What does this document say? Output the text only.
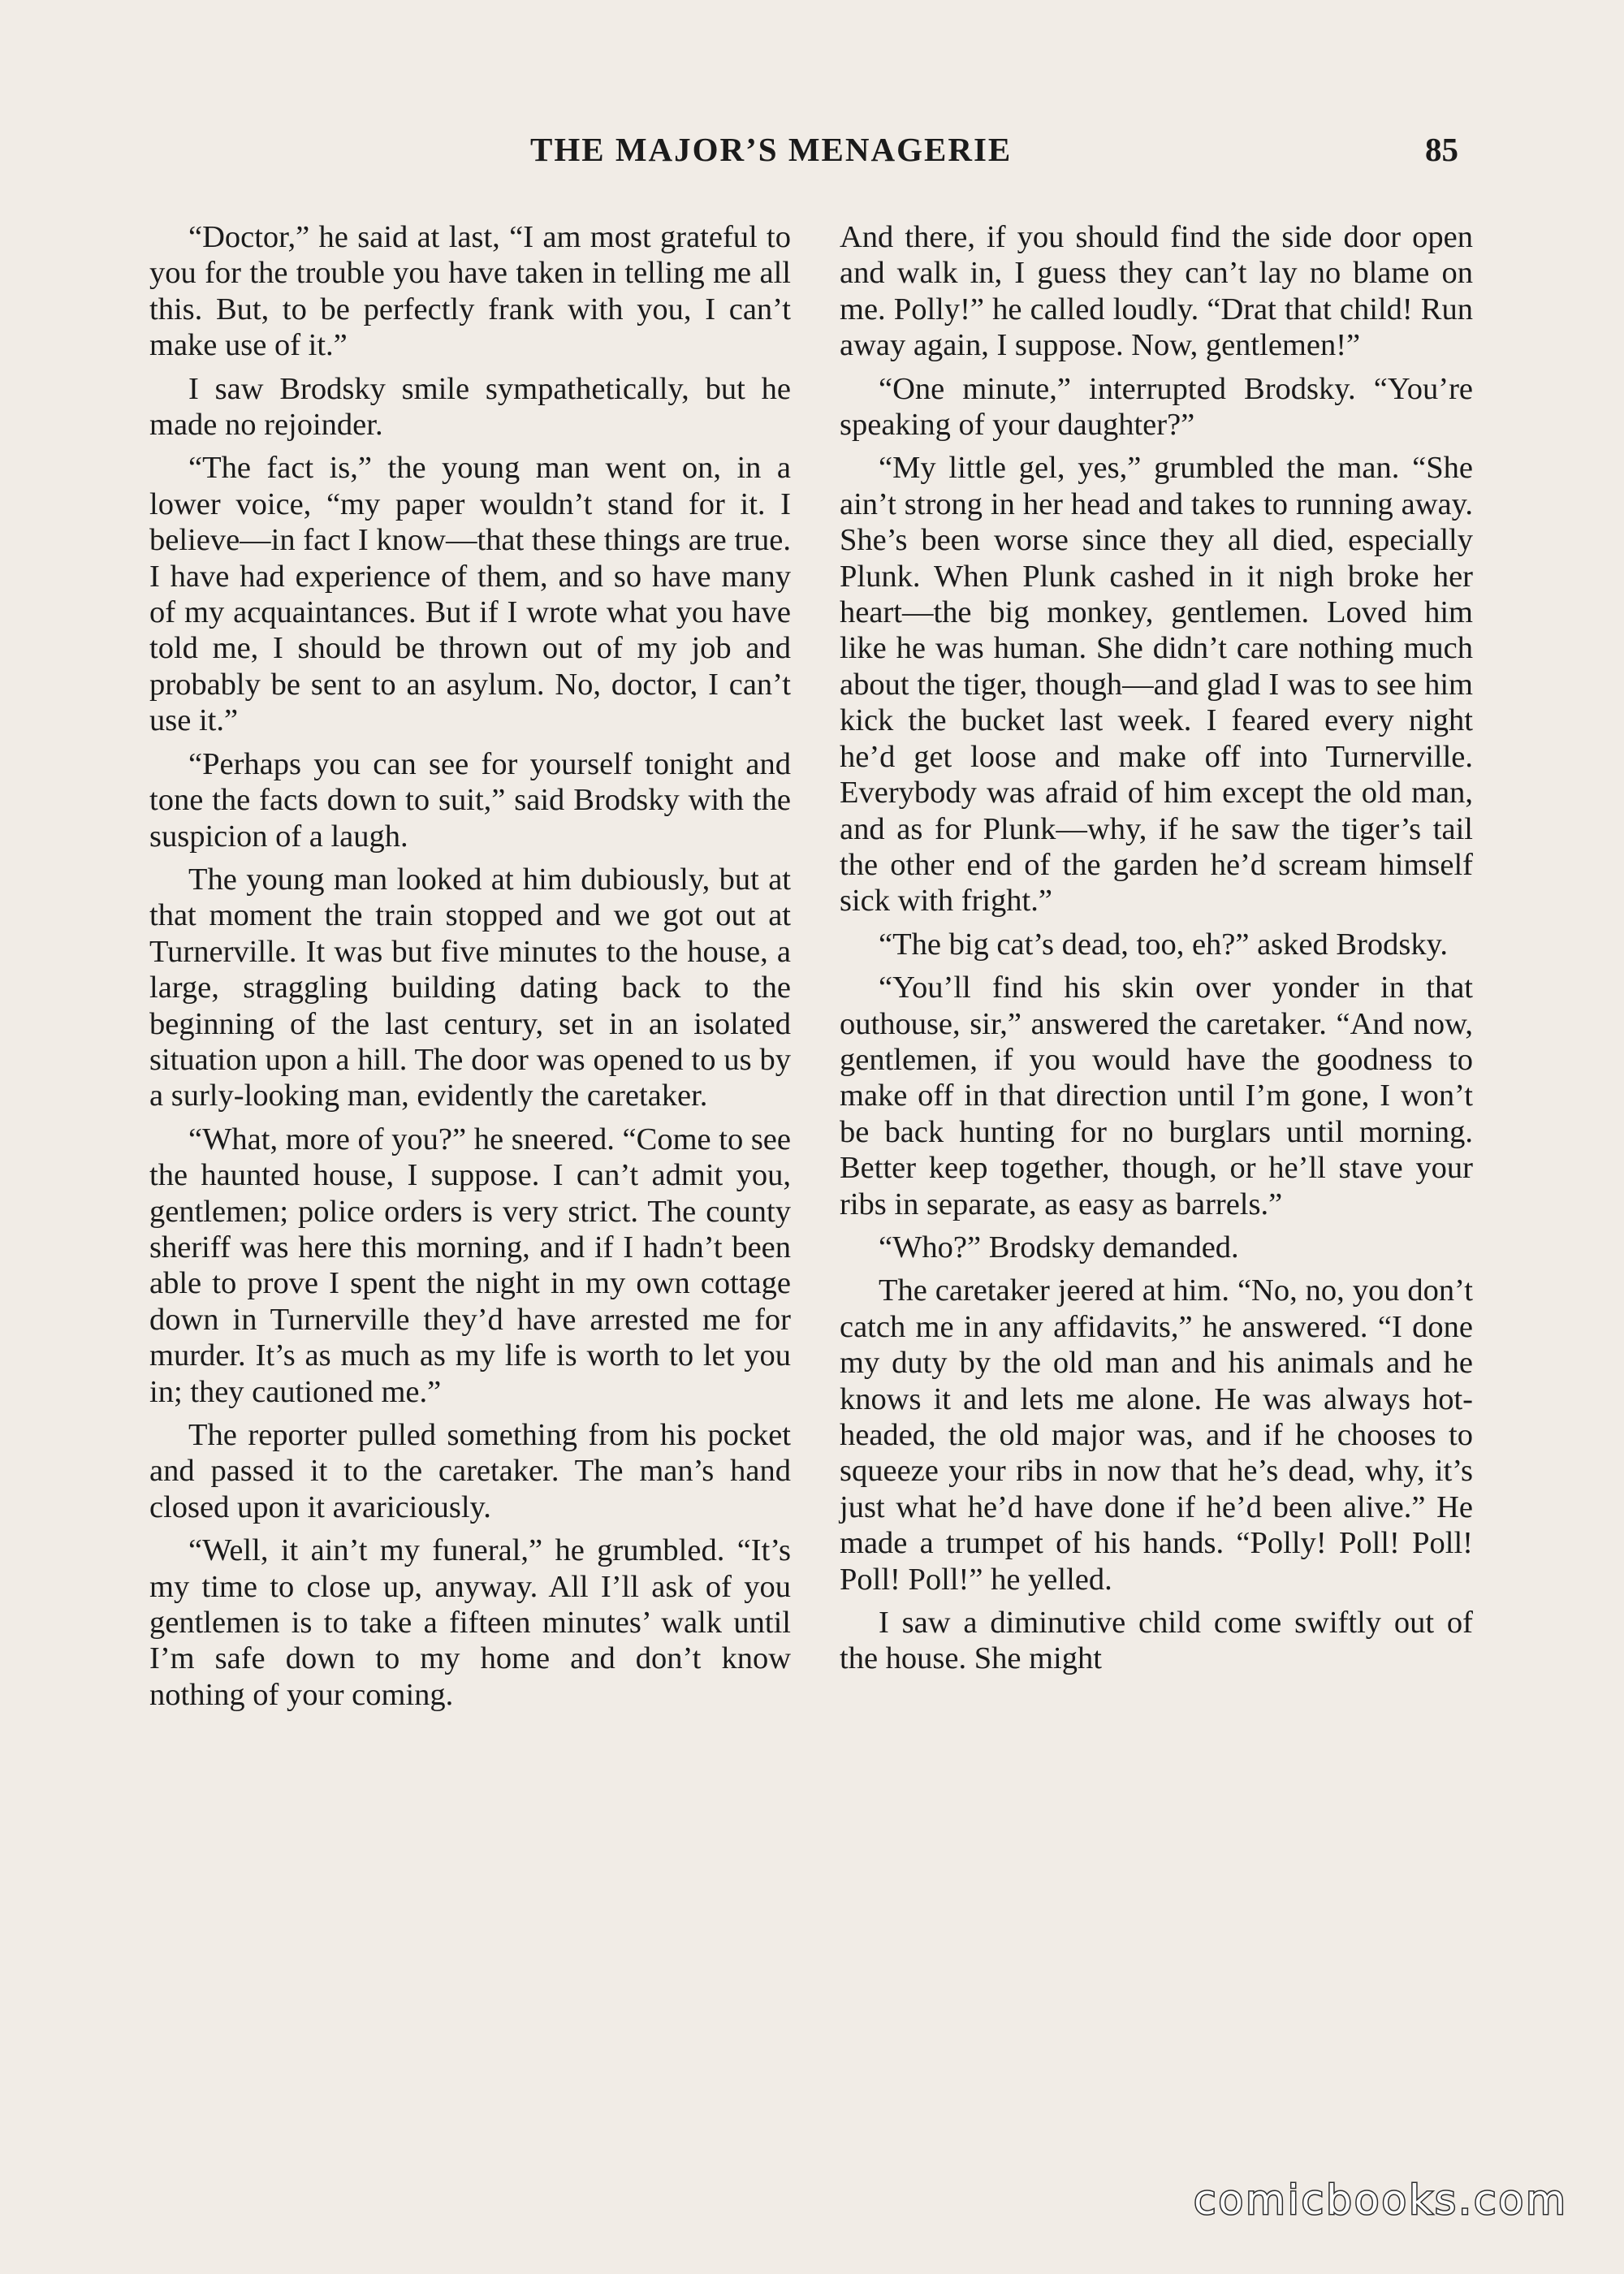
THE MAJOR’S MENAGERIE	85

“Doctor,” he said at last, “I am most grateful to you for the trouble you have taken in telling me all this. But, to be perfectly frank with you, I can’t make use of it.”

I saw Brodsky smile sympathetically, but he made no rejoinder.

“The fact is,” the young man went on, in a lower voice, “my paper wouldn’t stand for it. I believe—in fact I know—that these things are true. I have had experience of them, and so have many of my acquaintances. But if I wrote what you have told me, I should be thrown out of my job and probably be sent to an asylum. No, doctor, I can’t use it.”

“Perhaps you can see for yourself tonight and tone the facts down to suit,” said Brodsky with the suspicion of a laugh.

The young man looked at him dubiously, but at that moment the train stopped and we got out at Turnerville. It was but five minutes to the house, a large, straggling building dating back to the beginning of the last century, set in an isolated situation upon a hill. The door was opened to us by a surly-looking man, evidently the caretaker.

“What, more of you?” he sneered. “Come to see the haunted house, I suppose. I can’t admit you, gentlemen; police orders is very strict. The county sheriff was here this morning, and if I hadn’t been able to prove I spent the night in my own cottage down in Turnerville they’d have arrested me for murder. It’s as much as my life is worth to let you in; they cautioned me.”

The reporter pulled something from his pocket and passed it to the caretaker. The man’s hand closed upon it avariciously.

“Well, it ain’t my funeral,” he grumbled. “It’s my time to close up, anyway. All I’ll ask of you gentlemen is to take a fifteen minutes’ walk until I’m safe down to my home and don’t know nothing of your coming.

And there, if you should find the side door open and walk in, I guess they can’t lay no blame on me. Polly!” he called loudly. “Drat that child! Run away again, I suppose. Now, gentlemen!”

“One minute,” interrupted Brodsky. “You’re speaking of your daughter?”

“My little gel, yes,” grumbled the man. “She ain’t strong in her head and takes to running away. She’s been worse since they all died, especially Plunk. When Plunk cashed in it nigh broke her heart—the big monkey, gentlemen. Loved him like he was human. She didn’t care nothing much about the tiger, though—and glad I was to see him kick the bucket last week. I feared every night he’d get loose and make off into Turnerville. Everybody was afraid of him except the old man, and as for Plunk—why, if he saw the tiger’s tail the other end of the garden he’d scream himself sick with fright.”

“The big cat’s dead, too, eh?” asked Brodsky.

“You’ll find his skin over yonder in that outhouse, sir,” answered the caretaker. “And now, gentlemen, if you would have the goodness to make off in that direction until I’m gone, I won’t be back hunting for no burglars until morning. Better keep together, though, or he’ll stave your ribs in separate, as easy as barrels.”

“Who?” Brodsky demanded.

The caretaker jeered at him. “No, no, you don’t catch me in any affidavits,” he answered. “I done my duty by the old man and his animals and he knows it and lets me alone. He was always hot-headed, the old major was, and if he chooses to squeeze your ribs in now that he’s dead, why, it’s just what he’d have done if he’d been alive.” He made a trumpet of his hands. “Polly! Poll! Poll! Poll! Poll!” he yelled.

I saw a diminutive child come swiftly out of the house. She might

comicbooks.com
